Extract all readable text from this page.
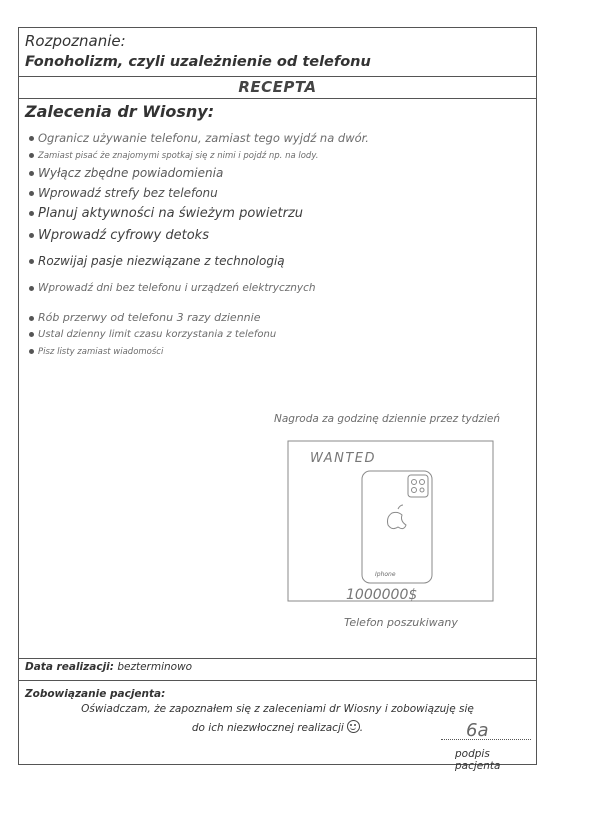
Rozpoznanie:
Fonoholizm, czyli uzależnienie od telefonu
RECEPTA
Zalecenia dr Wiosny:
Ogranicz używanie telefonu, zamiast tego wyjdź na dwór.
Zamiast pisać że znajomymi spotkaj się z nimi i pojdź np. na lody.
Wyłącz zbędne powiadomienia
Wprowadź strefy bez telefonu
Planuj aktywności na świeżym powietrzu
Wprowadź cyfrowy detoks
Rozwijaj pasje niezwiązane z technologią
Wprowadź dni bez telefonu i urządzeń elektrycznych
Rób przerwy od telefonu 3 razy dziennie
Ustal dzienny limit czasu korzystania z telefonu
Pisz listy zamiast wiadomości
Nagroda za godzinę dziennie przez tydzień
WANTED
Iphone
1000000$
Telefon poszukiwany
Data realizacji: bezterminowo
Zobowiązanie pacjenta:
Oświadczam, że zapoznałem się z zaleceniami dr Wiosny i zobowiązuję się
do ich niezwłocznej realizacji .	6a
podpis pacjenta
